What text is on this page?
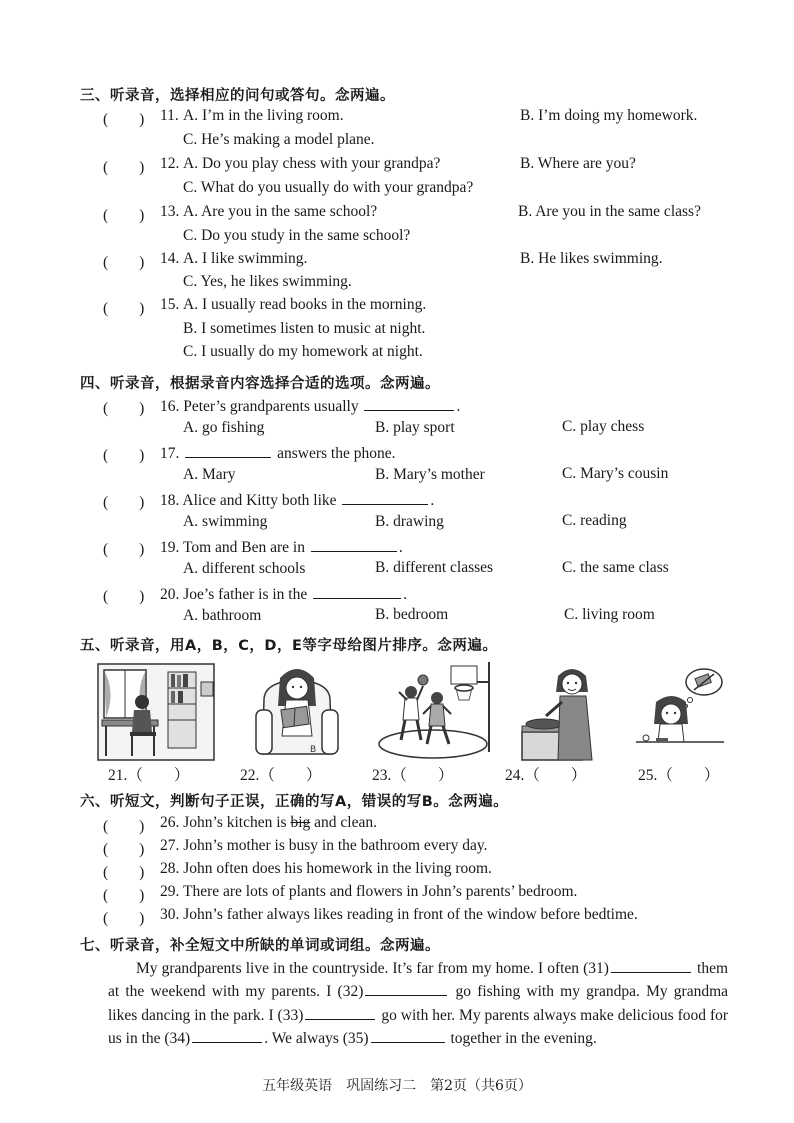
三、听录音，选择相应的问句或答句。念两遍。
(　　) 11. A. I’m in the living room.	B. I’m doing my homework.
C. He’s making a model plane.
(　　) 12. A. Do you play chess with your grandpa?	B. Where are you?
C. What do you usually do with your grandpa?
(　　) 13. A. Are you in the same school?	B. Are you in the same class?
C. Do you study in the same school?
(　　) 14. A. I like swimming.	B. He likes swimming.
C. Yes, he likes swimming.
(　　) 15. A. I usually read books in the morning.
B. I sometimes listen to music at night.
C. I usually do my homework at night.
四、听录音，根据录音内容选择合适的选项。念两遍。
(　　) 16. Peter’s grandparents usually	.
A. go fishing	B. play sport	C. play chess
(　　) 17.	answers the phone.
A. Mary	B. Mary’s mother	C. Mary’s cousin
(　　) 18. Alice and Kitty both like	.
A. swimming	B. drawing	C. reading
(　　) 19. Tom and Ben are in	.
A. different schools	B. different classes	C. the same class
(　　) 20. Joe’s father is in the	.
A. bathroom	B. bedroom	C. living room
五、听录音，用A，B，C，D，E等字母给图片排序。念两遍。
B
21.（　　）	22.（　　）	23.（　　）	24.（　　）	25.（　　）
六、听短文，判断句子正误，正确的写A，错误的写B。念两遍。
(　　) 26. John’s kitchen is big and clean.
(　　) 27. John’s mother is busy in the bathroom every day.
(　　) 28. John often does his homework in the living room.
(　　) 29. There are lots of plants and flowers in John’s parents’ bedroom.
(　　) 30. John’s father always likes reading in front of the window before bedtime.
七、听录音，补全短文中所缺的单词或词组。念两遍。
My grandparents live in the countryside. It’s far from my home. I often (31)	them at the weekend with my parents. I (32)	go fishing with my grandpa. My grandma likes dancing in the park. I (33)	go with her. My parents always make delicious food for us in the (34)	. We always (35)	together in the evening.
五年级英语　巩固练习二　第2页（共6页）
